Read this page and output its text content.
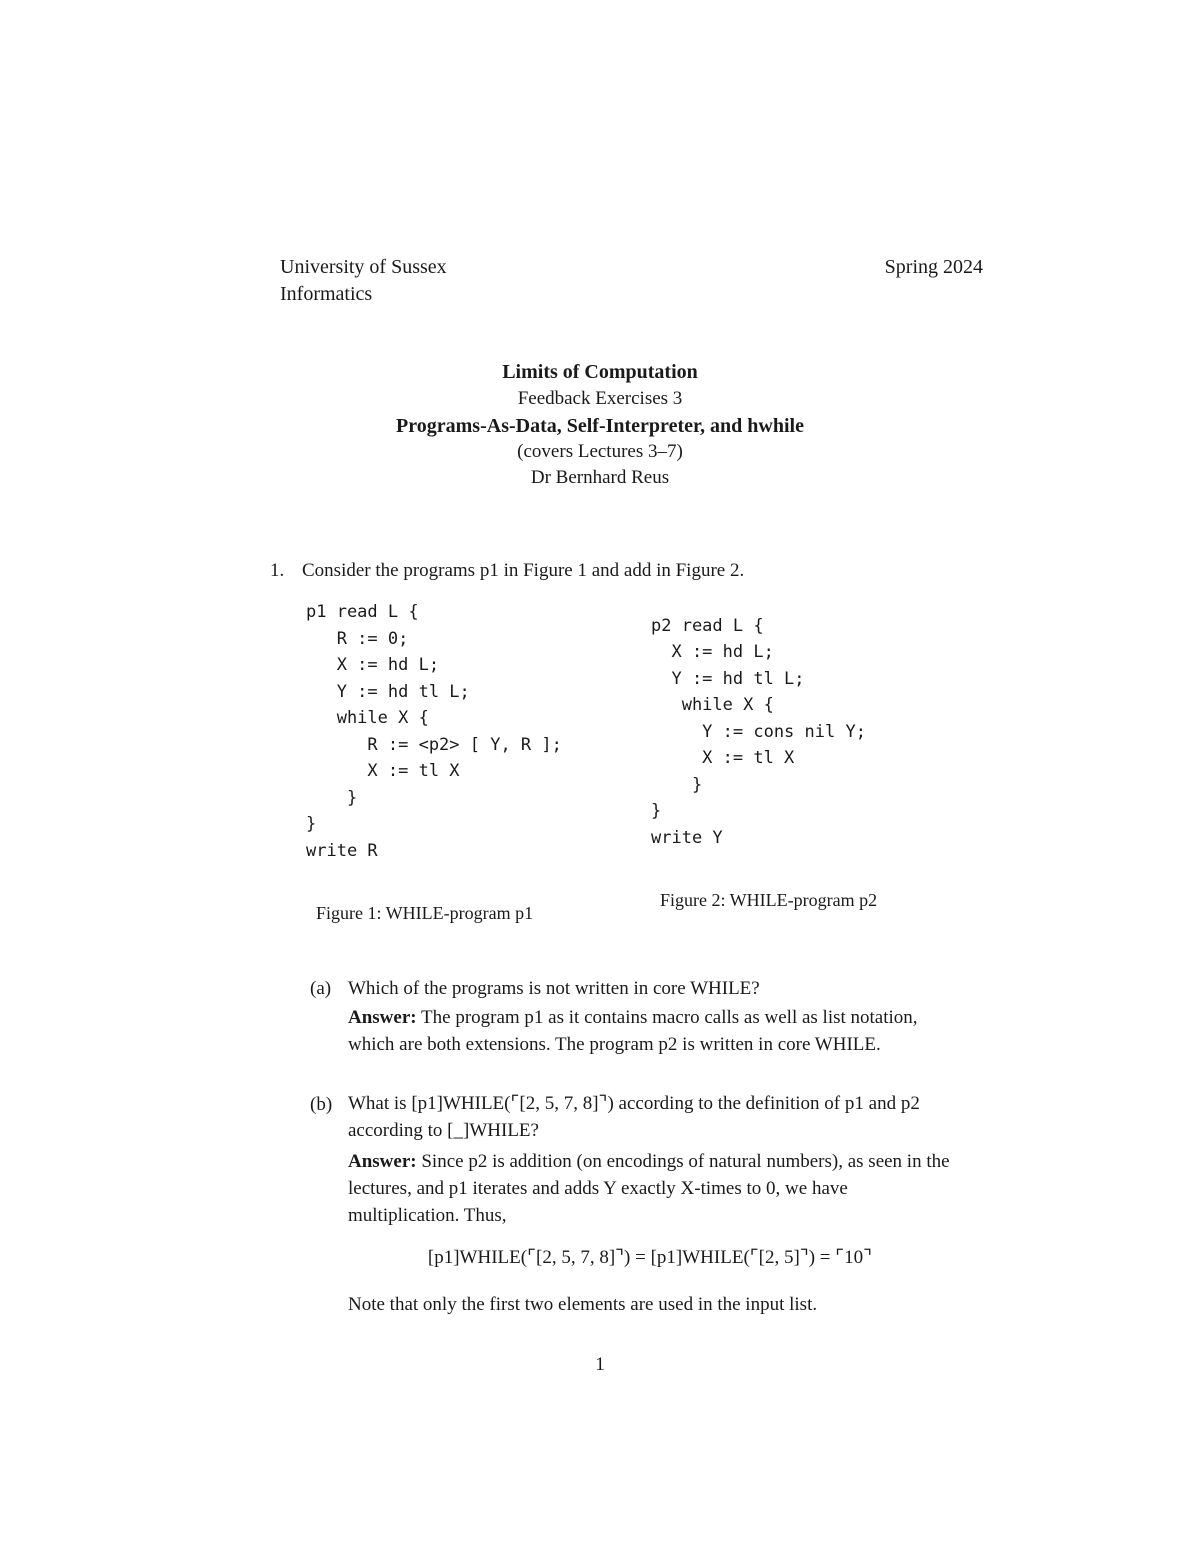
University of Sussex
Informatics
Spring 2024
Limits of Computation
Feedback Exercises 3
Programs-As-Data, Self-Interpreter, and hwhile
(covers Lectures 3–7)
Dr Bernhard Reus
1. Consider the programs p1 in Figure 1 and add in Figure 2.
p1 read L {
R := 0;
X := hd L;
Y := hd tl L;
while X {
R := <p2> [ Y, R ];
X := tl X
}
}
write R
p2 read L {
X := hd L;
Y := hd tl L;
while X {
Y := cons nil Y;
X := tl X
}
}
write Y
Figure 1: WHILE-program p1
Figure 2: WHILE-program p2
(a) Which of the programs is not written in core WHILE?
Answer: The program p1 as it contains macro calls as well as list notation, which are both extensions. The program p2 is written in core WHILE.
(b) What is [p1]WHILE(⌜[2, 5, 7, 8]⌝) according to the definition of p1 and p2 according to [_]WHILE?
Answer: Since p2 is addition (on encodings of natural numbers), as seen in the lectures, and p1 iterates and adds Y exactly X-times to 0, we have multiplication. Thus,
[p1]WHILE(⌜[2, 5, 7, 8]⌝) = [p1]WHILE(⌜[2, 5]⌝) = ⌜10⌝
Note that only the first two elements are used in the input list.
1
